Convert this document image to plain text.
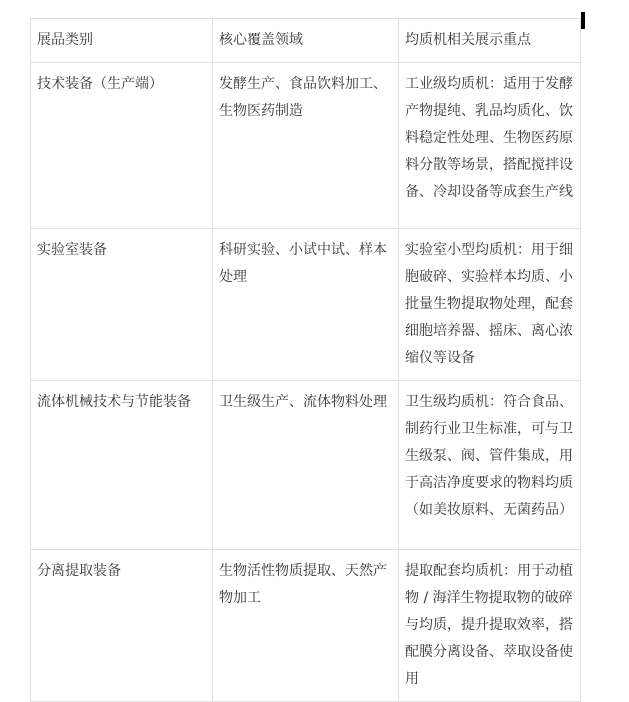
展品类别	核心覆盖领域	均质机相关展示重点
技术装备（生产端）	发酵生产、食品饮料加工、生物医药制造	工业级均质机：适用于发酵产物提纯、乳品均质化、饮料稳定性处理、生物医药原料分散等场景，搭配搅拌设备、冷却设备等成套生产线
实验室装备	科研实验、小试中试、样本处理	实验室小型均质机：用于细胞破碎、实验样本均质、小批量生物提取物处理，配套细胞培养器、摇床、离心浓缩仪等设备
流体机械技术与节能装备	卫生级生产、流体物料处理	卫生级均质机：符合食品、制药行业卫生标准，可与卫生级泵、阀、管件集成，用于高洁净度要求的物料均质（如美妆原料、无菌药品）
分离提取装备	生物活性物质提取、天然产物加工	提取配套均质机：用于动植物 / 海洋生物提取物的破碎与均质，提升提取效率，搭配膜分离设备、萃取设备使用
